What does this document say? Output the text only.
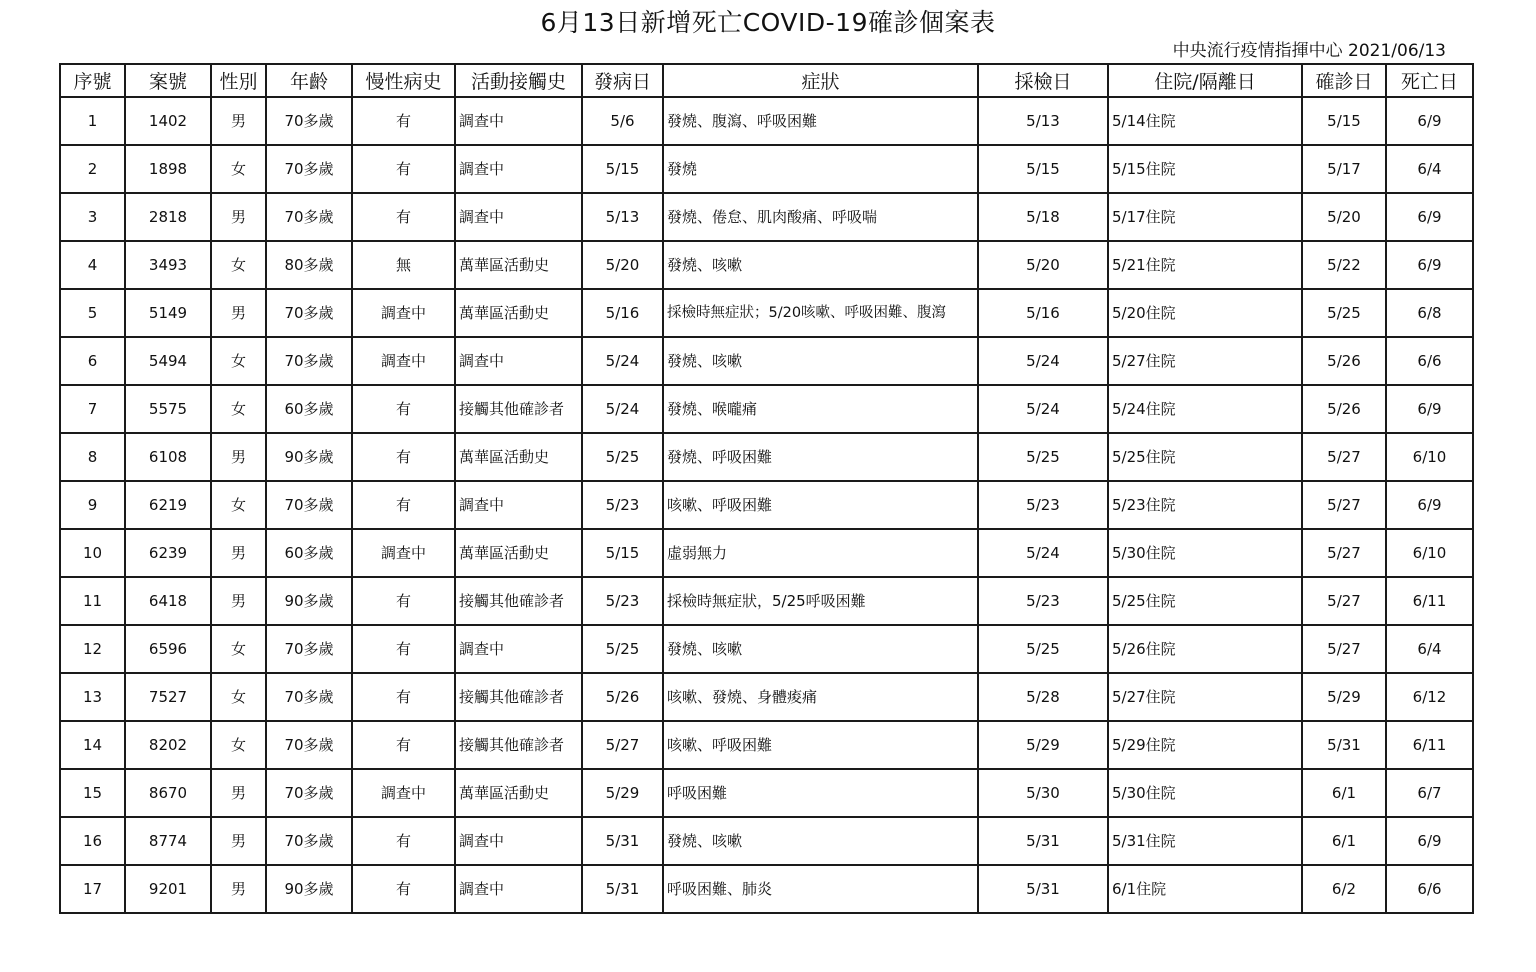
6月13日新增死亡COVID-19確診個案表
中央流行疫情指揮中心 2021/06/13
序號	案號	性別	年齡	慢性病史	活動接觸史	發病日	症狀	採檢日	住院/隔離日	確診日	死亡日
1	1402	男	70多歲	有	調查中	5/6	發燒、腹瀉、呼吸困難	5/13	5/14住院	5/15	6/9
2	1898	女	70多歲	有	調查中	5/15	發燒	5/15	5/15住院	5/17	6/4
3	2818	男	70多歲	有	調查中	5/13	發燒、倦怠、肌肉酸痛、呼吸喘	5/18	5/17住院	5/20	6/9
4	3493	女	80多歲	無	萬華區活動史	5/20	發燒、咳嗽	5/20	5/21住院	5/22	6/9
5	5149	男	70多歲	調查中	萬華區活動史	5/16	採檢時無症狀；5/20咳嗽、呼吸困難、腹瀉	5/16	5/20住院	5/25	6/8
6	5494	女	70多歲	調查中	調查中	5/24	發燒、咳嗽	5/24	5/27住院	5/26	6/6
7	5575	女	60多歲	有	接觸其他確診者	5/24	發燒、喉嚨痛	5/24	5/24住院	5/26	6/9
8	6108	男	90多歲	有	萬華區活動史	5/25	發燒、呼吸困難	5/25	5/25住院	5/27	6/10
9	6219	女	70多歲	有	調查中	5/23	咳嗽、呼吸困難	5/23	5/23住院	5/27	6/9
10	6239	男	60多歲	調查中	萬華區活動史	5/15	虛弱無力	5/24	5/30住院	5/27	6/10
11	6418	男	90多歲	有	接觸其他確診者	5/23	採檢時無症狀，5/25呼吸困難	5/23	5/25住院	5/27	6/11
12	6596	女	70多歲	有	調查中	5/25	發燒、咳嗽	5/25	5/26住院	5/27	6/4
13	7527	女	70多歲	有	接觸其他確診者	5/26	咳嗽、發燒、身體痠痛	5/28	5/27住院	5/29	6/12
14	8202	女	70多歲	有	接觸其他確診者	5/27	咳嗽、呼吸困難	5/29	5/29住院	5/31	6/11
15	8670	男	70多歲	調查中	萬華區活動史	5/29	呼吸困難	5/30	5/30住院	6/1	6/7
16	8774	男	70多歲	有	調查中	5/31	發燒、咳嗽	5/31	5/31住院	6/1	6/9
17	9201	男	90多歲	有	調查中	5/31	呼吸困難、肺炎	5/31	6/1住院	6/2	6/6
